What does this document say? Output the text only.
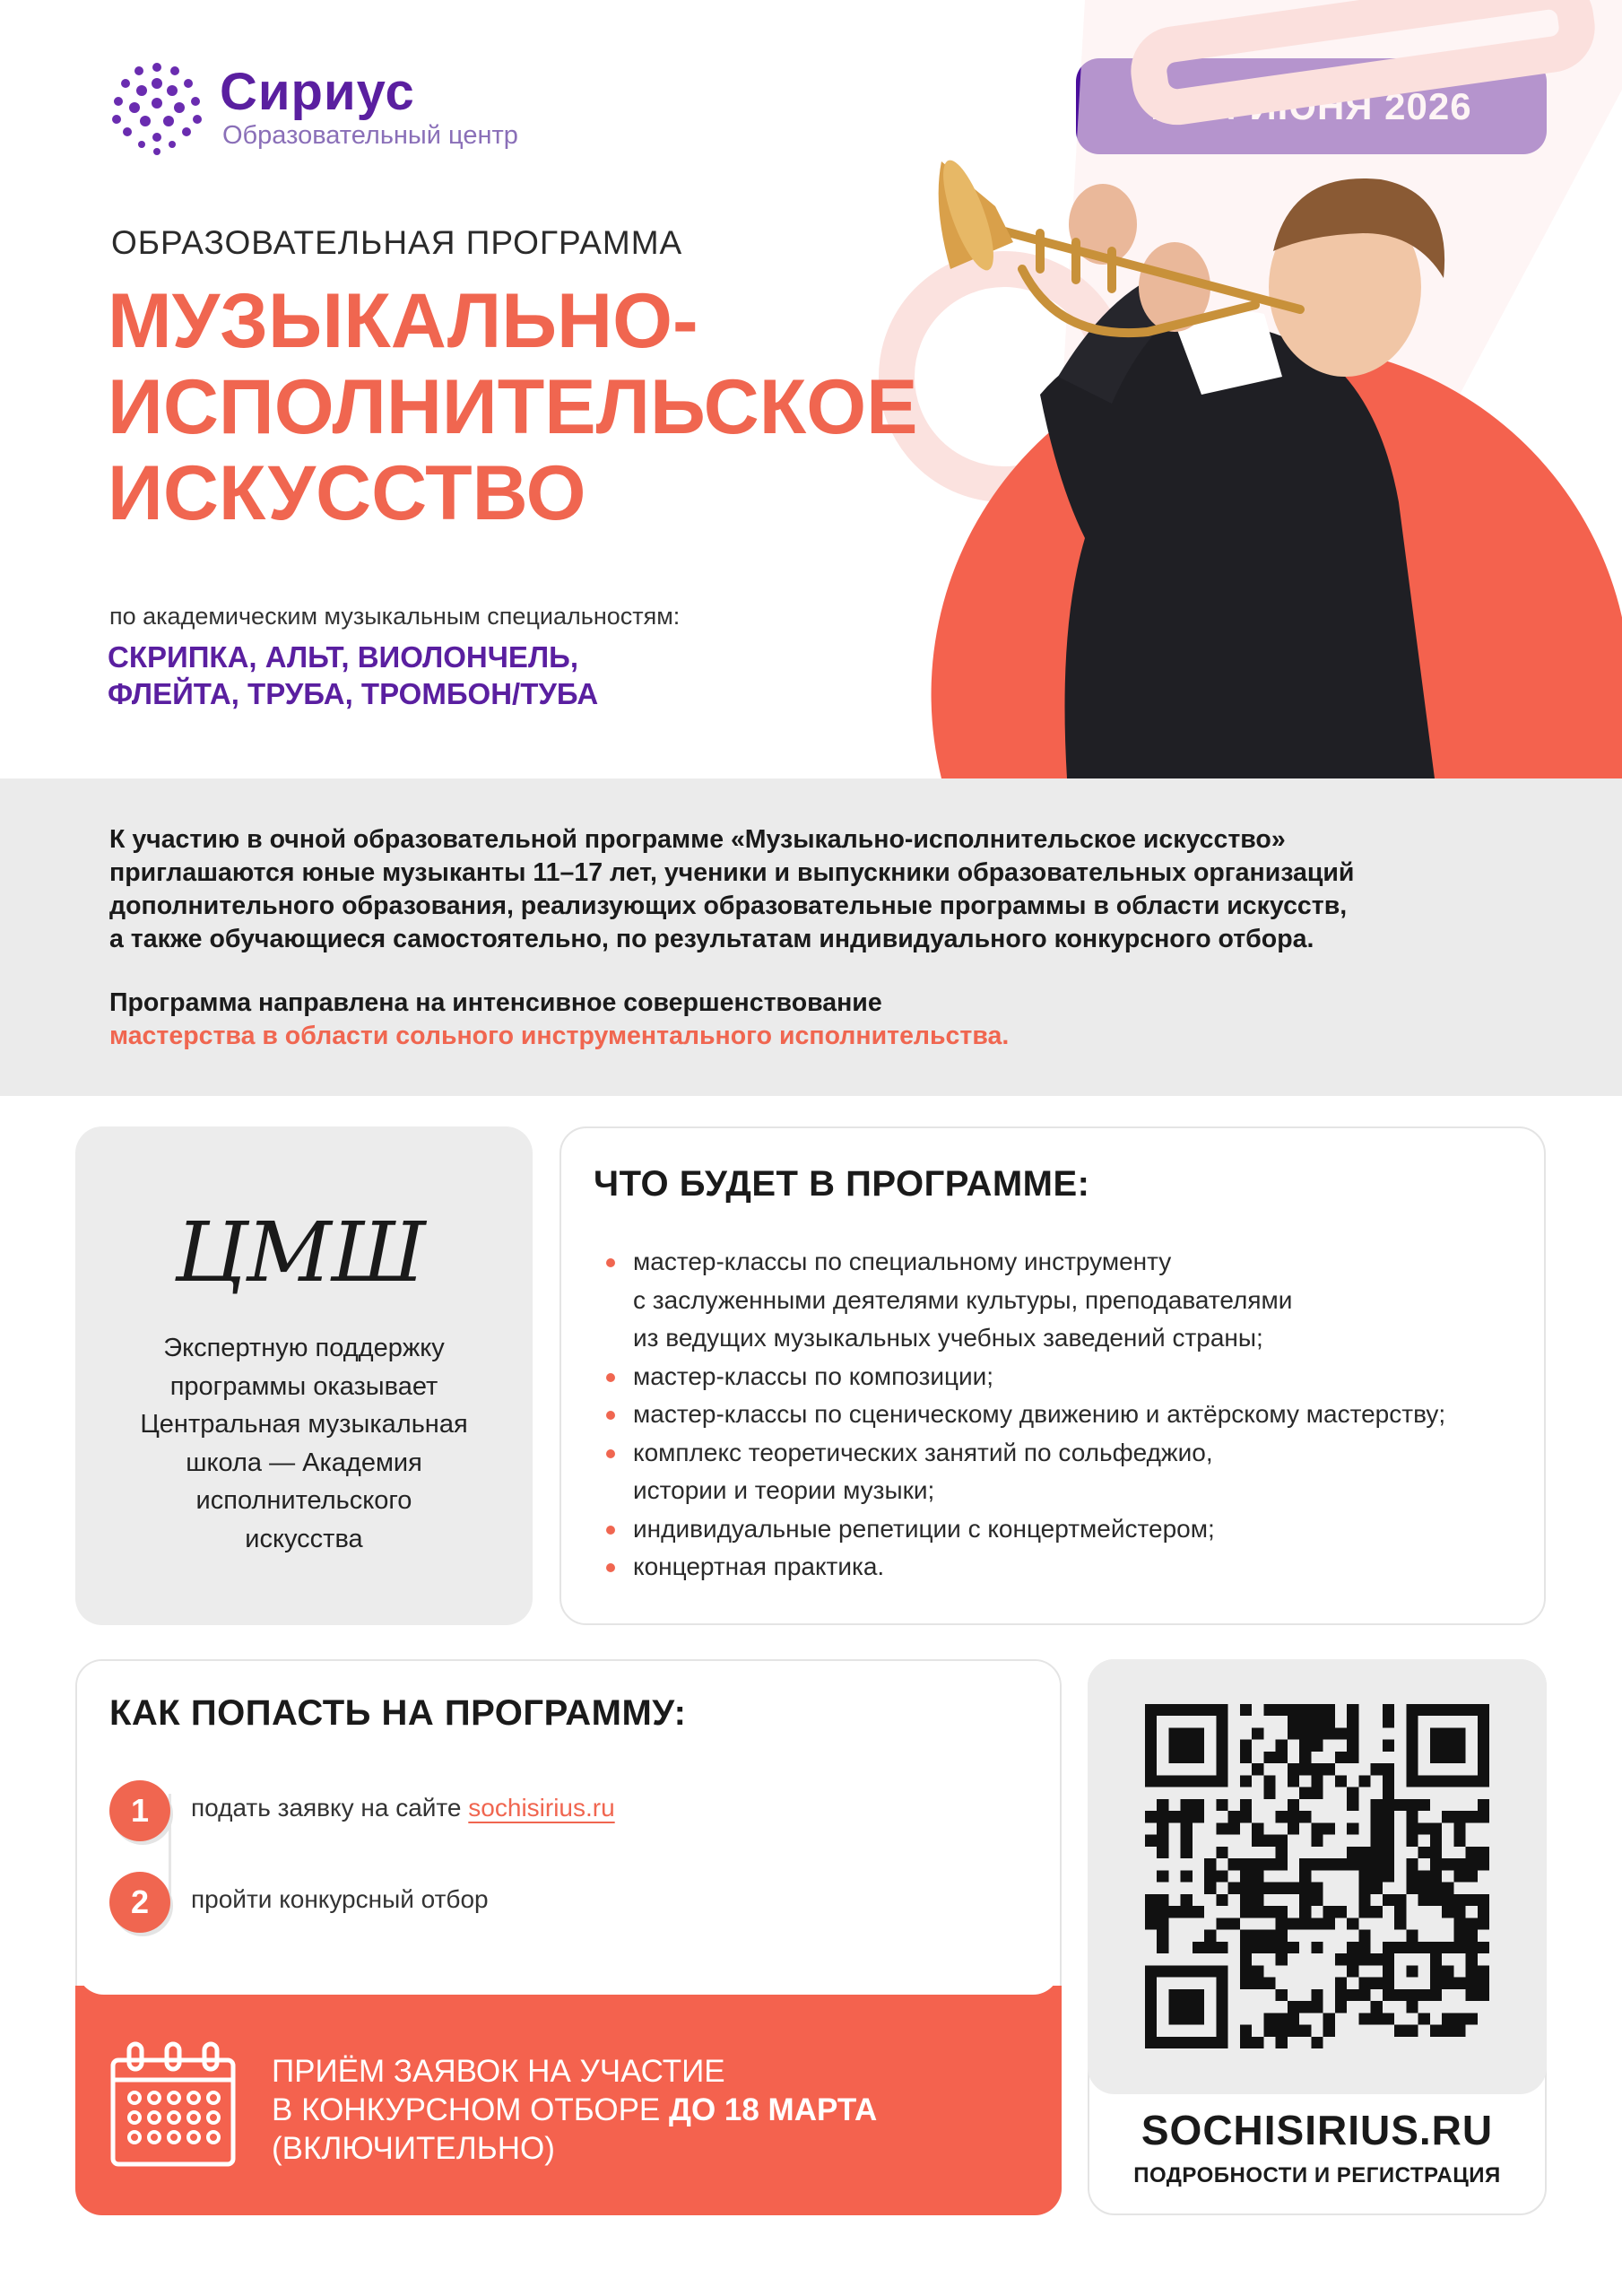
Сириус
Образовательный центр
ОБРАЗОВАТЕЛЬНАЯ ПРОГРАММА
МУЗЫКАЛЬНО-
ИСПОЛНИТЕЛЬСКОЕ
ИСКУССТВО
по академическим музыкальным специальностям:
СКРИПКА, АЛЬТ, ВИОЛОНЧЕЛЬ,
ФЛЕЙТА, ТРУБА, ТРОМБОН/ТУБА
К участию в очной образовательной программе «Музыкально-исполнительское искусство»
приглашаются юные музыканты 11–17 лет, ученики и выпускники образовательных организаций
дополнительного образования, реализующих образовательные программы в области искусств,
а также обучающиеся самостоятельно, по результатам индивидуального конкурсного отбора.
Программа направлена на интенсивное совершенствование
мастерства в области сольного инструментального исполнительства.
ЦМШ
Экспертную поддержку
программы оказывает
Центральная музыкальная
школа — Академия
исполнительского
искусства
ЧТО БУДЕТ В ПРОГРАММЕ:
мастер-классы по специальному инструменту
с заслуженными деятелями культуры, преподавателями
из ведущих музыкальных учебных заведений страны;
мастер-классы по композиции;
мастер-классы по сценическому движению и актёрскому мастерству;
комплекс теоретических занятий по сольфеджио,
истории и теории музыки;
индивидуальные репетиции с концертмейстером;
концертная практика.
КАК ПОПАСТЬ НА ПРОГРАММУ:
1	подать заявку на сайте sochisirius.ru
2	пройти конкурсный отбор
ПРИЁМ ЗАЯВОК НА УЧАСТИЕ
В КОНКУРСНОМ ОТБОРЕ ДО 18 МАРТА
(ВКЛЮЧИТЕЛЬНО)	SOCHISIRIUS.RU
ПОДРОБНОСТИ И РЕГИСТРАЦИЯ
